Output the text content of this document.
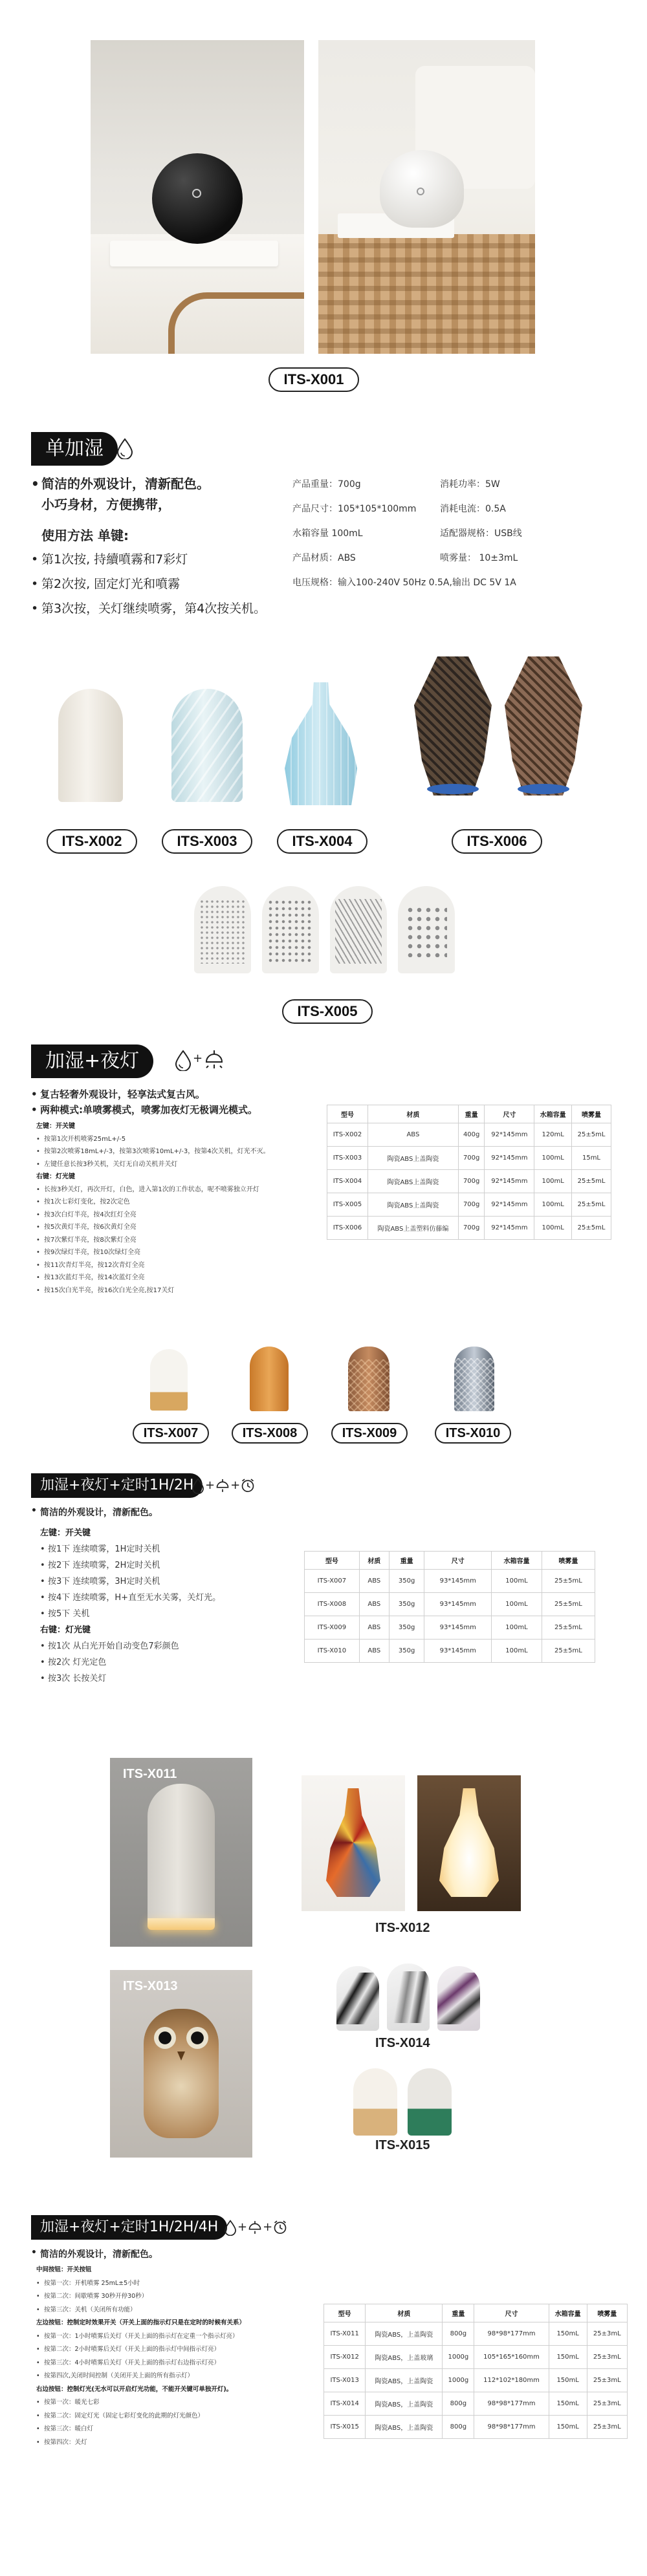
ITS-X001
单加湿
• 简洁的外观设计，清新配色。
小巧身材，方便携带，
使用方法 单键:
• 第1次按, 持續噴霧和7彩灯
• 第2次按, 固定灯光和噴霧
• 第3次按，关灯继续喷雾，第4次按关机。
产品重量：700g
产品尺寸：105*105*100mm
水箱容量 100mL
产品材质：ABS
电压规格：输入100-240V 50Hz 0.5A,输出 DC 5V 1A
消耗功率：5W
消耗电流：0.5A
适配器规格：USB线
喷雾量： 10±3mL
ITS-X002	ITS-X003	ITS-X004	ITS-X006
ITS-X005
加湿+夜灯	+
• 复古轻奢外观设计，轻享法式复古风。
• 两种模式:单喷雾模式，喷雾加夜灯无极调光模式。
左键：开关键
• 按第1次开机喷雾25mL+/-5
• 按第2次喷雾18mL+/-3，按第3次喷雾10mL+/-3，按第4次关机，灯光不灭。
• 左键任意长按3秒关机，关灯无自动关机并关灯
右键：灯光键
• 长按3秒关灯，再次开灯，白色，进入第1次的工作状态，呢不喷雾独立开灯
• 按1次七彩灯变化，按2次定色
• 按3次白灯半亮，按4次红灯全亮
• 按5次黄灯半亮，按6次黄灯全亮
• 按7次紫灯半亮，按8次紫灯全亮
• 按9次绿灯半亮，按10次绿灯全亮
• 按11次青灯半亮，按12次青灯全亮
• 按13次蓝灯半亮，按14次蓝灯全亮
• 按15次白光半亮，按16次白光全亮,按17关灯
型号	材质	重量	尺寸	水箱容量	喷雾量
ITS-X002	ABS	400g	92*145mm	120mL	25±5mL
ITS-X003	陶瓷ABS上盖陶瓷	700g	92*145mm	100mL	15mL
ITS-X004	陶瓷ABS上盖陶瓷	700g	92*145mm	100mL	25±5mL
ITS-X005	陶瓷ABS上盖陶瓷	700g	92*145mm	100mL	25±5mL
ITS-X006	陶瓷ABS上盖塑料仿藤编	700g	92*145mm	100mL	25±5mL
ITS-X007	ITS-X008	ITS-X009	ITS-X010
加湿+夜灯+定时1H/2H + +
• 简洁的外观设计，清新配色。
左键：开关键
• 按1下 连续喷雾，1H定时关机
• 按2下 连续喷雾，2H定时关机
• 按3下 连续喷雾，3H定时关机
• 按4下 连续喷雾，H+直至无水关雾，关灯光。
• 按5下 关机
右键：灯光键
• 按1次 从白光开始自动变色7彩颜色
• 按2次 灯光定色
• 按3次 长按关灯
型号	材质	重量	尺寸	水箱容量	喷雾量
ITS-X007	ABS	350g	93*145mm	100mL	25±5mL
ITS-X008	ABS	350g	93*145mm	100mL	25±5mL
ITS-X009	ABS	350g	93*145mm	100mL	25±5mL
ITS-X010	ABS	350g	93*145mm	100mL	25±5mL
ITS-X011
ITS-X012
ITS-X013
ITS-X014
ITS-X015
加湿+夜灯+定时1H/2H/4H	+ +
• 简洁的外观设计，清新配色。
中间按钮：开关按钮
• 按第一次：开机喷雾 25mL±5小时
• 按第二次：间歇喷雾 30秒开停30秒）
• 按第三次：关机（关闭所有功能）
左边按钮：控制定时效果开关（开关上面的指示灯只是在定时的时候有关系）
• 按第一次：1小时喷雾后关灯（开关上面的指示灯在定重一个指示灯亮）
• 按第二次：2小时喷雾后关灯（开关上面的指示灯中间指示灯亮）
• 按第三次：4小时喷雾后关灯（开关上面的指示灯右边指示灯亮）
• 按第四次,关闭时间控制（关闭开关上面的所有指示灯）
右边按钮：控制灯光(无水可以开启灯光功能，不能开关键可单独开灯)。
• 按第一次：暖光七彩
• 按第二次：固定灯光（固定七彩灯变化的此期的灯光颜色）
• 按第三次：暖白灯
• 按第四次：关灯
型号	材质	重量	尺寸	水箱容量	喷雾量
ITS-X011	陶瓷ABS，上盖陶瓷	800g	98*98*177mm	150mL	25±3mL
ITS-X012	陶瓷ABS，上盖玻璃	1000g	105*165*160mm	150mL	25±3mL
ITS-X013	陶瓷ABS，上盖陶瓷	1000g	112*102*180mm	150mL	25±3mL
ITS-X014	陶瓷ABS，上盖陶瓷	800g	98*98*177mm	150mL	25±3mL
ITS-X015	陶瓷ABS，上盖陶瓷	800g	98*98*177mm	150mL	25±3mL
